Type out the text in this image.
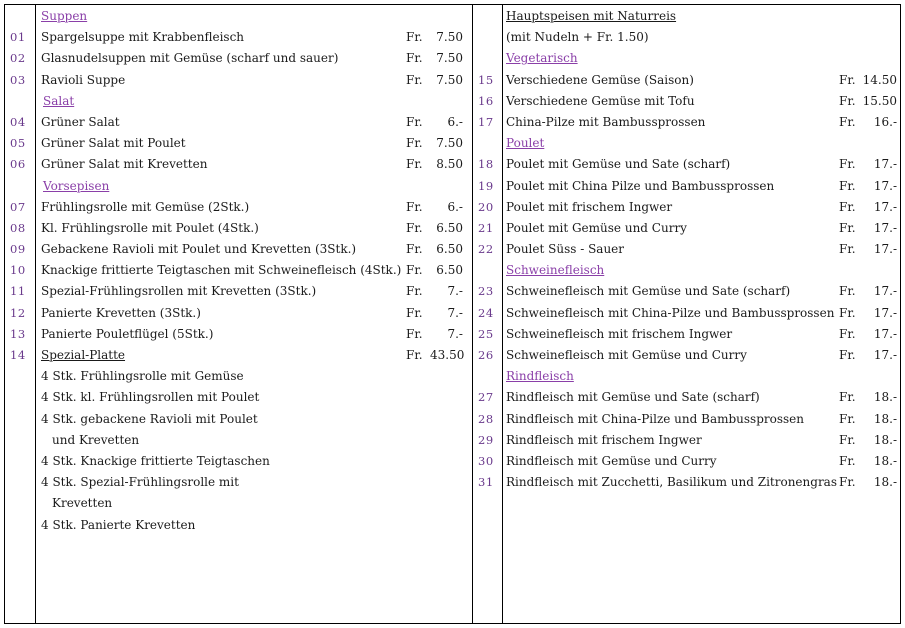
Suppen
01 Spargelsuppe mit Krabbenfleisch	Fr.	7.50
02 Glasnudelsuppen mit Gemüse (scharf und sauer)	Fr.	7.50
03 Ravioli Suppe	Fr.	7.50
Salat
04 Grüner Salat	Fr.	6.-
05 Grüner Salat mit Poulet	Fr.	7.50
06 Grüner Salat mit Krevetten	Fr.	8.50
Vorsepisen
07 Frühlingsrolle mit Gemüse (2Stk.)	Fr.	6.-
08 Kl. Frühlingsrolle mit Poulet (4Stk.)	Fr.	6.50
09 Gebackene Ravioli mit Poulet und Krevetten (3Stk.)	Fr.	6.50
10 Knackige frittierte Teigtaschen mit Schweinefleisch (4Stk.) Fr.	6.50
11 Spezial-Frühlingsrollen mit Krevetten (3Stk.)	Fr.	7.-
12 Panierte Krevetten (3Stk.)	Fr.	7.-
13 Panierte Pouletflügel (5Stk.)	Fr.	7.-
14 Spezial-Platte	Fr. 43.50
4 Stk. Frühlingsrolle mit Gemüse
4 Stk. kl. Frühlingsrollen mit Poulet
4 Stk. gebackene Ravioli mit Poulet
und Krevetten
4 Stk. Knackige frittierte Teigtaschen
4 Stk. Spezial-Frühlingsrolle mit
Krevetten
4 Stk. Panierte Krevetten
Hauptspeisen mit Naturreis
(mit Nudeln + Fr. 1.50)
Vegetarisch
15 Verschiedene Gemüse (Saison)	Fr. 14.50
16 Verschiedene Gemüse mit Tofu	Fr. 15.50
17 China-Pilze mit Bambussprossen	Fr.	16.-
Poulet
18 Poulet mit Gemüse und Sate (scharf)	Fr.	17.-
19 Poulet mit China Pilze und Bambussprossen	Fr.	17.-
20 Poulet mit frischem Ingwer	Fr.	17.-
21 Poulet mit Gemüse und Curry	Fr.	17.-
22 Poulet Süss - Sauer	Fr.	17.-
Schweinefleisch
23 Schweinefleisch mit Gemüse und Sate (scharf)	Fr.	17.-
24 Schweinefleisch mit China-Pilze und Bambussprossen Fr.	17.-
25 Schweinefleisch mit frischem Ingwer	Fr.	17.-
26 Schweinefleisch mit Gemüse und Curry	Fr.	17.-
Rindfleisch
27 Rindfleisch mit Gemüse und Sate (scharf)	Fr.	18.-
28 Rindfleisch mit China-Pilze und Bambussprossen	Fr.	18.-
29 Rindfleisch mit frischem Ingwer	Fr.	18.-
30 Rindfleisch mit Gemüse und Curry	Fr.	18.-
31 Rindfleisch mit Zucchetti, Basilikum und Zitronengras Fr.	18.-
